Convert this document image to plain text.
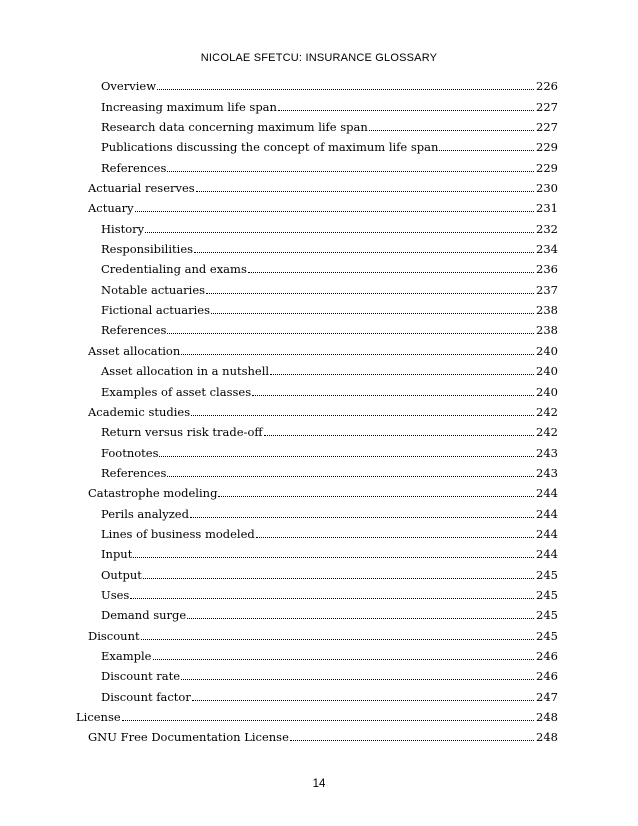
NICOLAE SFETCU: INSURANCE GLOSSARY
Overview	226
Increasing maximum life span	227
Research data concerning maximum life span	227
Publications discussing the concept of maximum life span	229
References	229
Actuarial reserves	230
Actuary	231
History	232
Responsibilities	234
Credentialing and exams	236
Notable actuaries	237
Fictional actuaries	238
References	238
Asset allocation	240
Asset allocation in a nutshell	240
Examples of asset classes	240
Academic studies	242
Return versus risk trade-off	242
Footnotes	243
References	243
Catastrophe modeling	244
Perils analyzed	244
Lines of business modeled	244
Input	244
Output	245
Uses	245
Demand surge	245
Discount	245
Example	246
Discount rate	246
Discount factor	247
License	248
GNU Free Documentation License	248
14
